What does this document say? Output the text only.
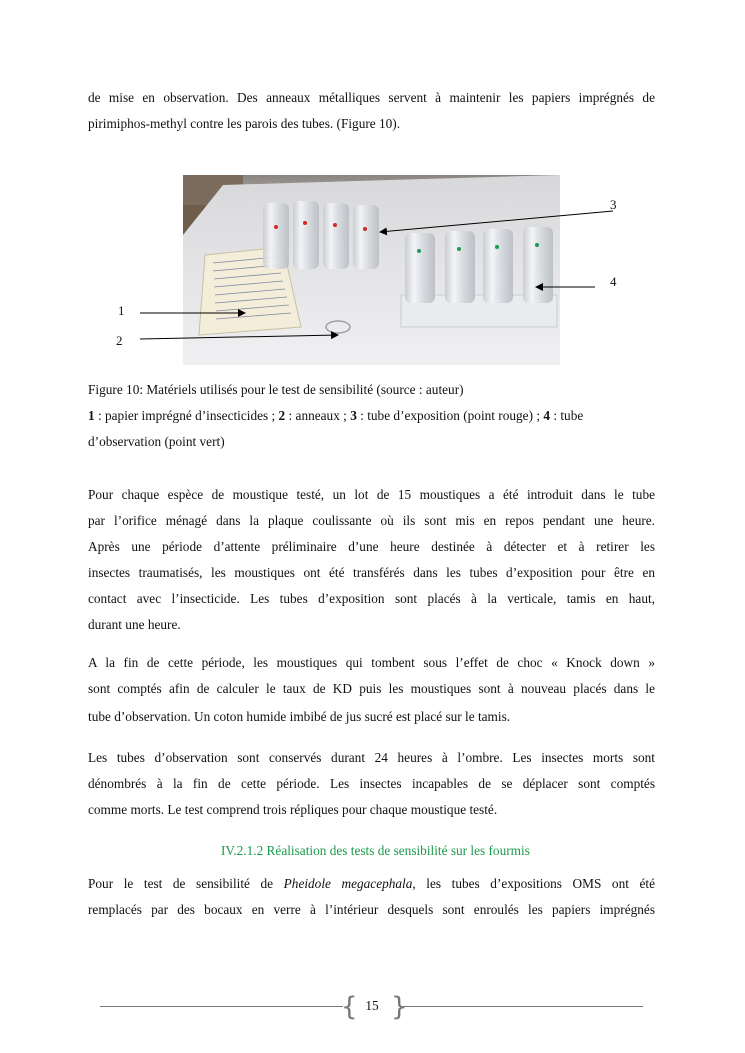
de mise en observation. Des anneaux métalliques servent à maintenir les papiers imprégnés de
pirimiphos-methyl contre les parois des tubes. (Figure 10).
3
4
1
2
Figure 10: Matériels utilisés pour le test de sensibilité (source : auteur)
1 : papier imprégné d’insecticides ; 2 : anneaux ; 3 : tube d’exposition (point rouge) ; 4 : tube
d’observation (point vert)
Pour chaque espèce de moustique testé, un lot de 15 moustiques a été introduit dans le tube
par l’orifice ménagé dans la plaque coulissante où ils sont mis en repos pendant une heure.
Après une période d’attente préliminaire d’une heure destinée à détecter et à retirer les
insectes traumatisés, les moustiques ont été transférés dans les tubes d’exposition pour être en
contact avec l’insecticide. Les tubes d’exposition sont placés à la verticale, tamis en haut,
durant une heure.
A la fin de cette période, les moustiques qui tombent sous l’effet de choc « Knock down »
sont comptés afin de calculer le taux de KD puis les moustiques sont à nouveau placés dans le
tube d’observation. Un coton humide imbibé de jus sucré est placé sur le tamis.
Les tubes d’observation sont conservés durant 24 heures à l’ombre. Les insectes morts sont
dénombrés à la fin de cette période. Les insectes incapables de se déplacer sont comptés
comme morts. Le test comprend trois répliques pour chaque moustique testé.
IV.2.1.2 Réalisation des tests de sensibilité sur les fourmis
Pour le test de sensibilité de Pheidole megacephala, les tubes d’expositions OMS ont été
remplacés par des bocaux en verre à l’intérieur desquels sont enroulés les papiers imprégnés
{ }
15
